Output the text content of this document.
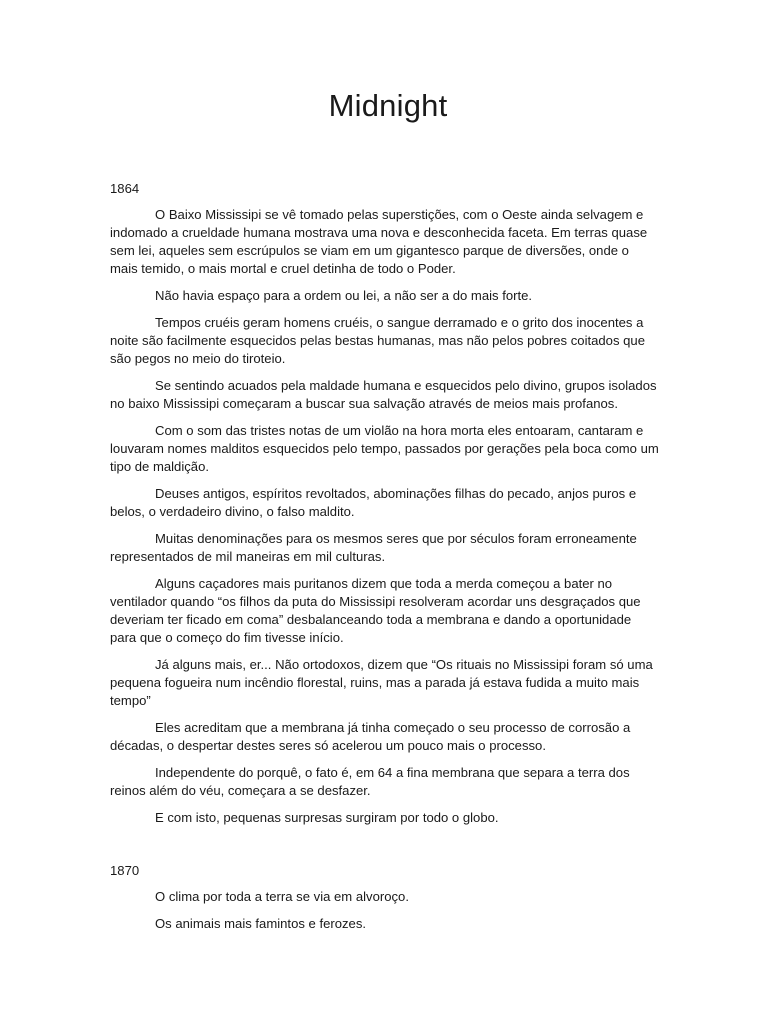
Midnight

1864

O Baixo Mississipi se vê tomado pelas superstições, com o Oeste ainda selvagem e indomado a crueldade humana mostrava uma nova e desconhecida faceta. Em terras quase sem lei, aqueles sem escrúpulos se viam em um gigantesco parque de diversões, onde o mais temido, o mais mortal e cruel detinha de todo o Poder.

Não havia espaço para a ordem ou lei, a não ser a do mais forte.

Tempos cruéis geram homens cruéis, o sangue derramado e o grito dos inocentes a noite são facilmente esquecidos pelas bestas humanas, mas não pelos pobres coitados que são pegos no meio do tiroteio.

Se sentindo acuados pela maldade humana e esquecidos pelo divino, grupos isolados no baixo Mississipi começaram a buscar sua salvação através de meios mais profanos.

Com o som das tristes notas de um violão na hora morta eles entoaram, cantaram e louvaram nomes malditos esquecidos pelo tempo, passados por gerações pela boca como um tipo de maldição.

Deuses antigos, espíritos revoltados, abominações filhas do pecado, anjos puros e belos, o verdadeiro divino, o falso maldito.

Muitas denominações para os mesmos seres que por séculos foram erroneamente representados de mil maneiras em mil culturas.

Alguns caçadores mais puritanos dizem que toda a merda começou a bater no ventilador quando “os filhos da puta do Mississipi resolveram acordar uns desgraçados que deveriam ter ficado em coma” desbalanceando toda a membrana e dando a oportunidade para que o começo do fim tivesse início.

Já alguns mais, er... Não ortodoxos, dizem que “Os rituais no Mississipi foram só uma pequena fogueira num incêndio florestal, ruins, mas a parada já estava fudida a muito mais tempo”

Eles acreditam que a membrana já tinha começado o seu processo de corrosão a décadas, o despertar destes seres só acelerou um pouco mais o processo.

Independente do porquê, o fato é, em 64 a fina membrana que separa a terra dos reinos além do véu, começara a se desfazer.

E com isto, pequenas surpresas surgiram por todo o globo.

1870

O clima por toda a terra se via em alvoroço.

Os animais mais famintos e ferozes.
